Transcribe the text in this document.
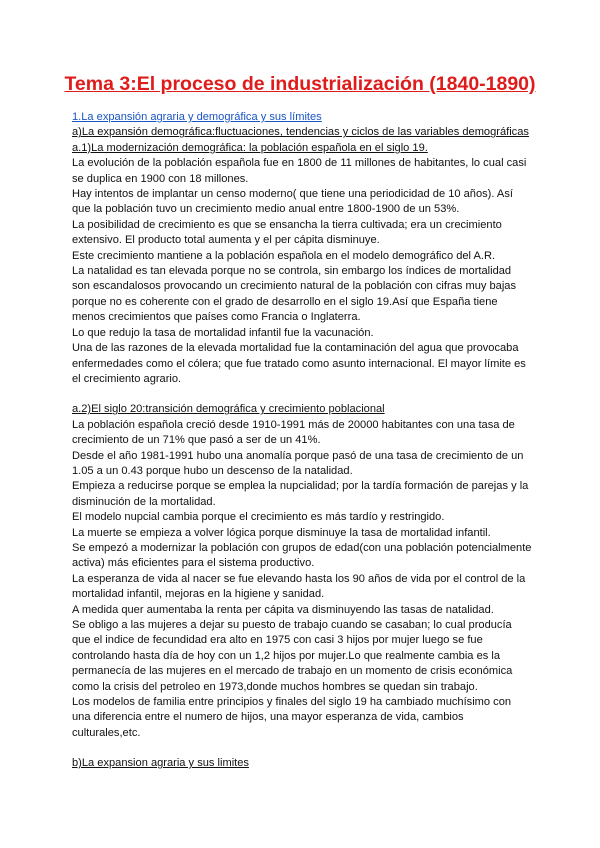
Tema 3:El proceso de industrialización (1840-1890)

1.La expansión agraria y demográfica y sus límites

a)La expansión demográfica:fluctuaciones, tendencias y ciclos de las variables demográficas

a.1)La modernización demográfica: la población española en el siglo 19.

La evolución de la población española fue en 1800 de 11 millones de habitantes, lo cual casi se duplica en 1900 con 18 millones.

Hay intentos de implantar un censo moderno( que tiene una periodicidad de 10 años). Así que la población tuvo un crecimiento medio anual entre 1800-1900 de un 53%.

La posibilidad de crecimiento es que se ensancha la tierra cultivada; era un crecimiento extensivo. El producto total aumenta y el per cápita disminuye.

Este crecimiento mantiene a la población española en el modelo demográfico del A.R.

La natalidad es tan elevada porque no se controla, sin embargo los índices de mortalidad son escandalosos provocando un crecimiento natural de la población con cifras muy bajas porque no es coherente con el grado de desarrollo en el siglo 19.Así que España tiene menos crecimientos que países como Francia o Inglaterra.

Lo que redujo la tasa de mortalidad infantil fue la vacunación.

Una de las razones de la elevada mortalidad fue la contaminación del agua que provocaba enfermedades como el cólera; que fue tratado como asunto internacional. El mayor límite es el crecimiento agrario.

a.2)El siglo 20:transición demográfica y crecimiento poblacional

La población española creció desde 1910-1991 más de 20000 habitantes con una tasa de crecimiento de un 71% que pasó a ser de un 41%.

Desde el año 1981-1991 hubo una anomalía porque pasó de una tasa de crecimiento de un 1.05 a un 0.43 porque hubo un descenso de la natalidad.

Empieza a reducirse porque se emplea la nupcialidad; por la tardía formación de parejas y la disminución de la mortalidad.

El modelo nupcial cambia porque el crecimiento es más tardío y restringido.

La muerte se empieza a volver lógica porque disminuye la tasa de mortalidad infantil.

Se empezó a modernizar la población con grupos de edad(con una población potencialmente activa) más eficientes para el sistema productivo.

La esperanza de vida al nacer se fue elevando hasta los 90 años de vida por el control de la mortalidad infantil, mejoras en la higiene y sanidad.

A medida quer aumentaba la renta per cápita va disminuyendo las tasas de natalidad.

Se obligo a las mujeres a dejar su puesto de trabajo cuando se casaban; lo cual producía que el indice de fecundidad era alto en 1975 con casi 3 hijos por mujer luego se fue controlando hasta día de hoy con un 1,2 hijos por mujer.Lo que realmente cambia es la permanecía de las mujeres en el mercado de trabajo en un momento de crisis económica como la crisis del petroleo en 1973,donde muchos hombres se quedan sin trabajo.

Los modelos de familia entre principios y finales del siglo 19 ha cambiado muchísimo con una diferencia entre el numero de hijos, una mayor esperanza de vida, cambios culturales,etc.

b)La expansion agraria y sus limites
